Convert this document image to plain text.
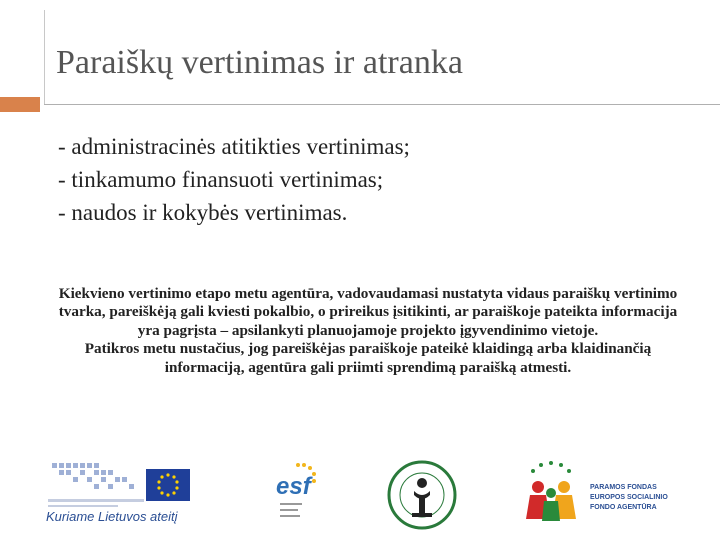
Paraiškų vertinimas ir atranka
- administracinės atitikties vertinimas;
- tinkamumo finansuoti vertinimas;
- naudos ir kokybės vertinimas.

Kiekvieno vertinimo etapo metu agentūra, vadovaudamasi nustatyta vidaus paraiškų vertinimo tvarka, pareiškėją gali kviesti pokalbio, o prireikus įsitikinti, ar paraiškoje pateikta informacija yra pagrįsta – apsilankyti planuojamoje projekto įgyvendinimo vietoje.

Patikros metu nustačius, jog pareiškėjas paraiškoje pateikė klaidingą arba klaidinančią informaciją, agentūra gali priimti sprendimą paraišką atmesti.

Kuriame Lietuvos ateitį
esf	PARAMOS FONDAS
EUROPOS SOCIALINIO
FONDO AGENTŪRA
